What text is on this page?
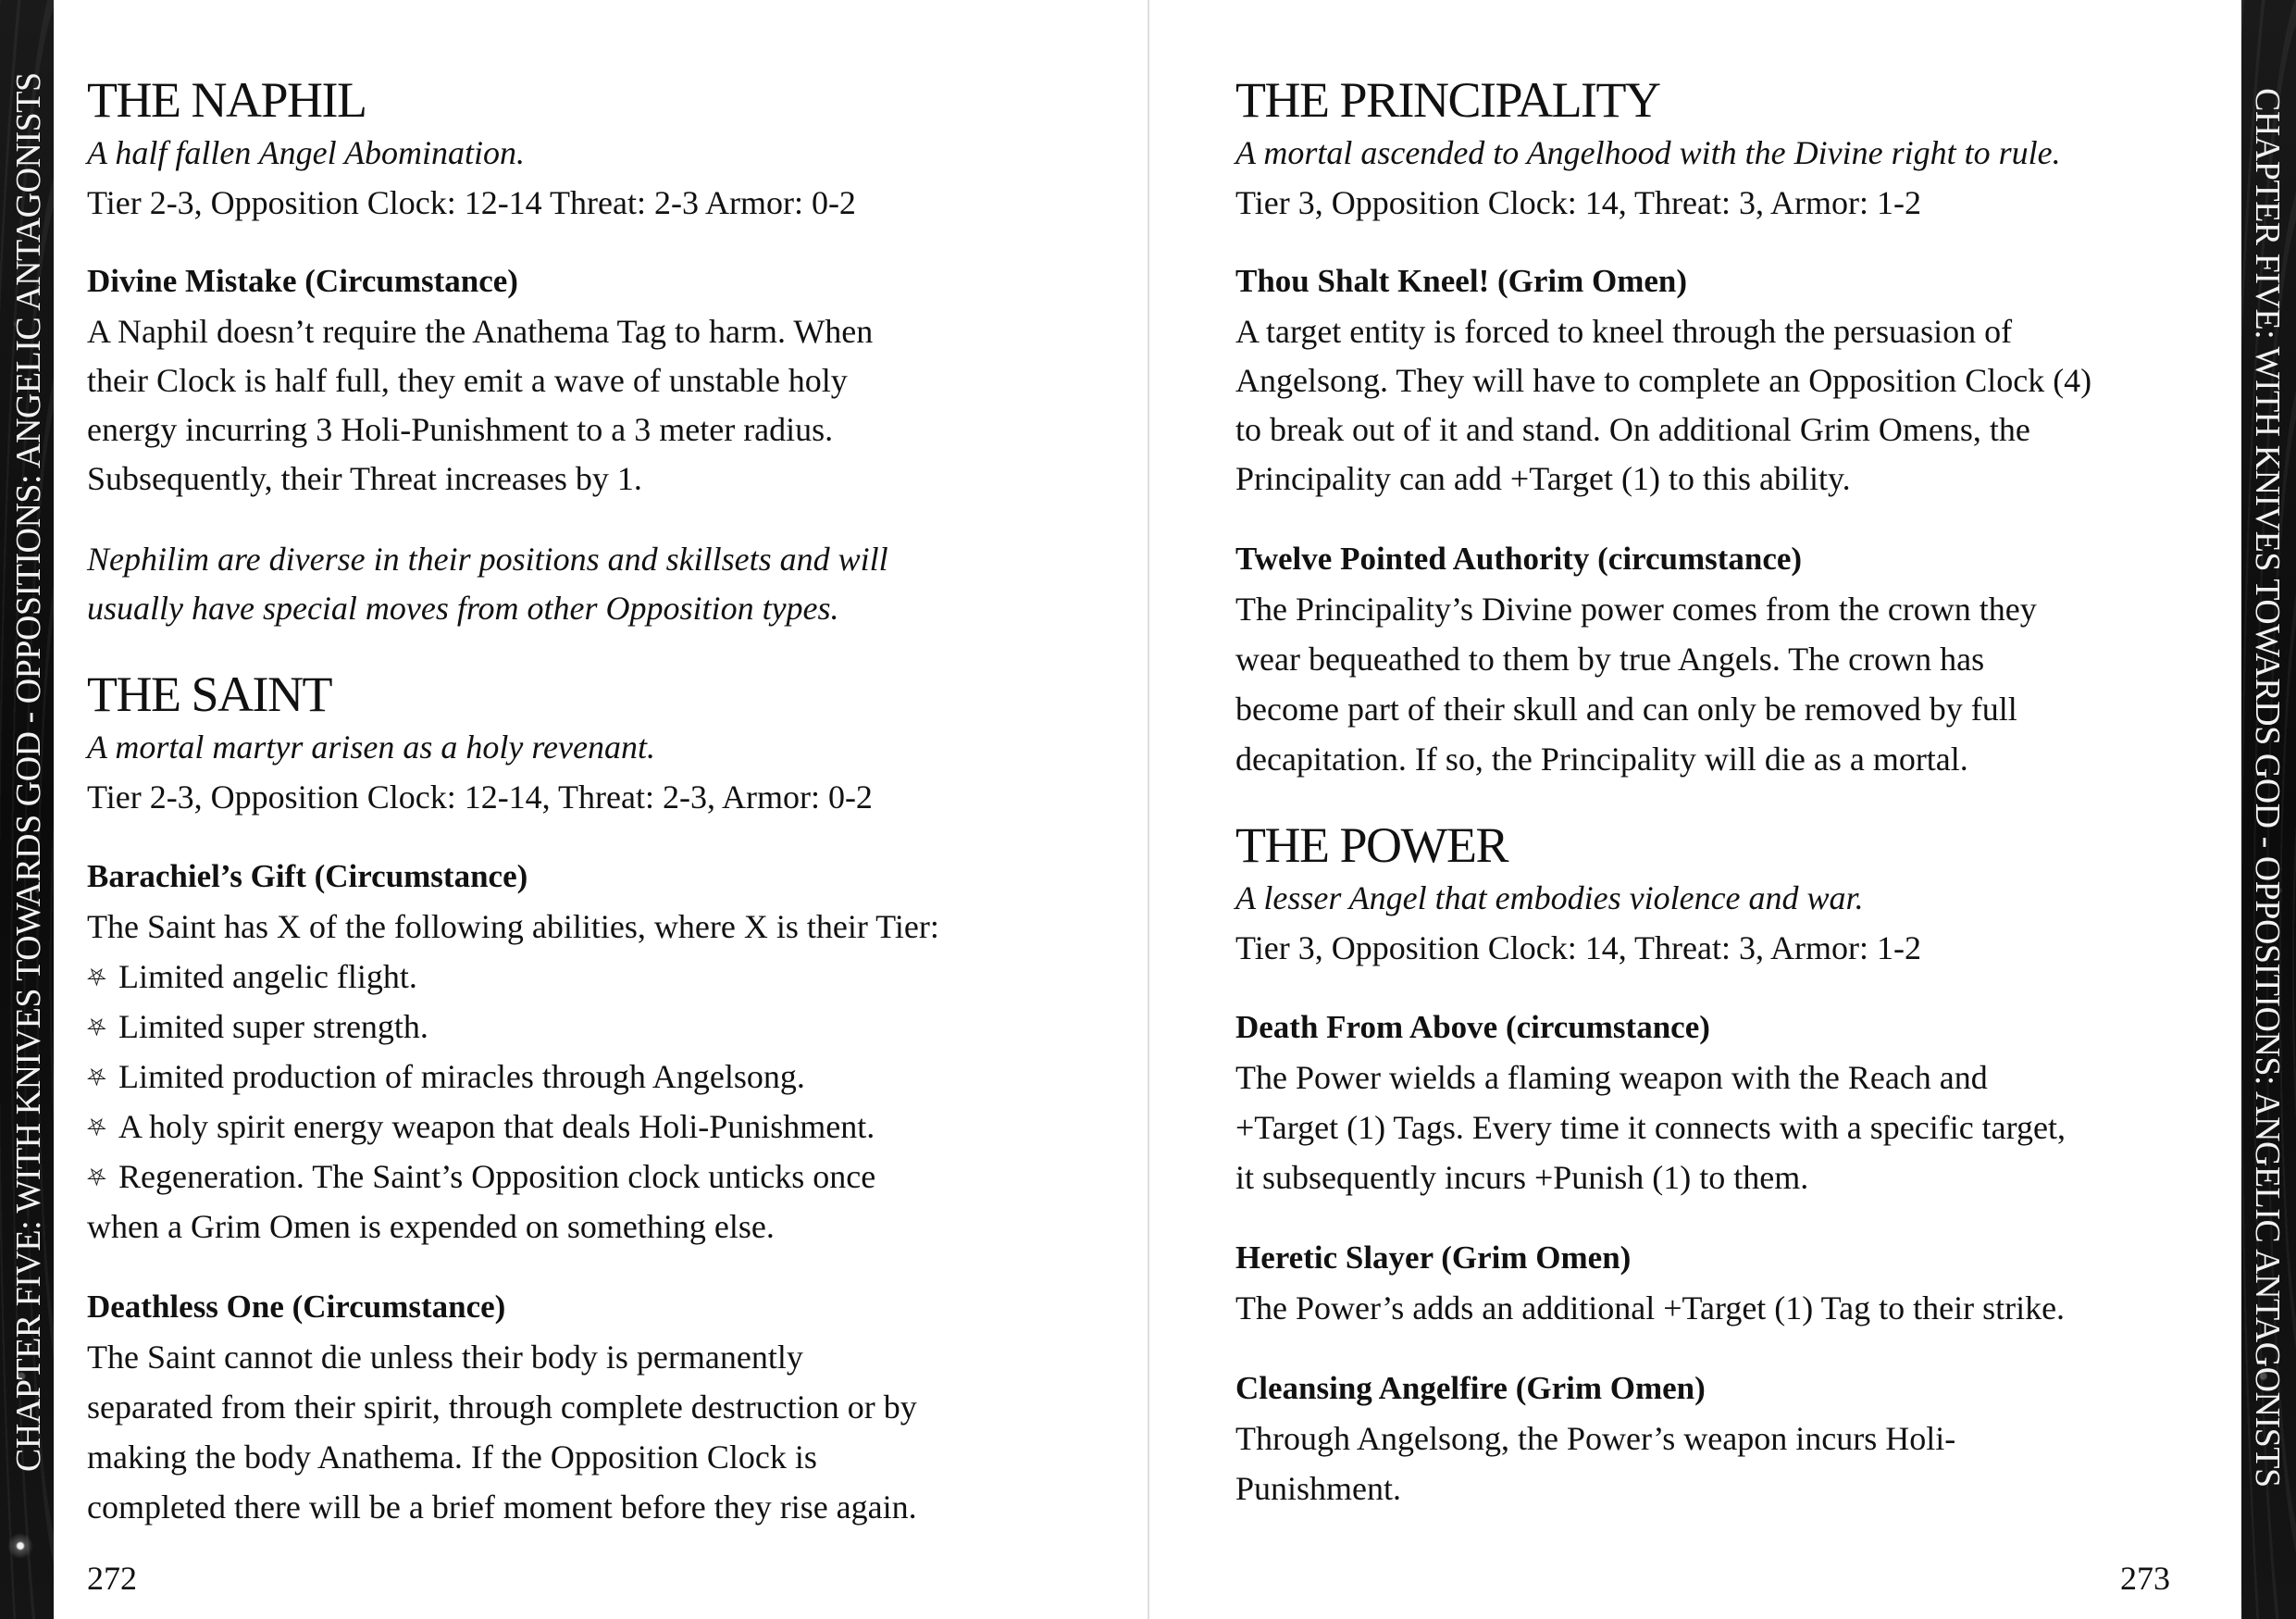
CHAPTER FIVE: WITH KNIVES TOWARDS GOD - OPPOSITIONS: ANGELIC ANTAGONISTS	CHAPTER FIVE: WITH KNIVES TOWARDS GOD - OPPOSITIONS: ANGELIC ANTAGONISTS
THE NAPHIL
A half fallen Angel Abomination.
Tier 2-3, Opposition Clock: 12-14 Threat: 2-3 Armor: 0-2
Divine Mistake (Circumstance)
A Naphil doesn’t require the Anathema Tag to harm. When
their Clock is half full, they emit a wave of unstable holy
energy incurring 3 Holi-Punishment to a 3 meter radius.
Subsequently, their Threat increases by 1.
Nephilim are diverse in their positions and skillsets and will
usually have special moves from other Opposition types.
THE SAINT
A mortal martyr arisen as a holy revenant.
Tier 2-3, Opposition Clock: 12-14, Threat: 2-3, Armor: 0-2
Barachiel’s Gift (Circumstance)
The Saint has X of the following abilities, where X is their Tier:
⛧ Limited angelic flight.
⛧ Limited super strength.
⛧ Limited production of miracles through Angelsong.
⛧ A holy spirit energy weapon that deals Holi-Punishment.
⛧ Regeneration. The Saint’s Opposition clock unticks once
when a Grim Omen is expended on something else.
Deathless One (Circumstance)
The Saint cannot die unless their body is permanently
separated from their spirit, through complete destruction or by
making the body Anathema. If the Opposition Clock is
completed there will be a brief moment before they rise again.
272
THE PRINCIPALITY
A mortal ascended to Angelhood with the Divine right to rule.
Tier 3, Opposition Clock: 14, Threat: 3, Armor: 1-2
Thou Shalt Kneel! (Grim Omen)
A target entity is forced to kneel through the persuasion of
Angelsong. They will have to complete an Opposition Clock (4)
to break out of it and stand. On additional Grim Omens, the
Principality can add +Target (1) to this ability.
Twelve Pointed Authority (circumstance)
The Principality’s Divine power comes from the crown they
wear bequeathed to them by true Angels. The crown has
become part of their skull and can only be removed by full
decapitation. If so, the Principality will die as a mortal.
THE POWER
A lesser Angel that embodies violence and war.
Tier 3, Opposition Clock: 14, Threat: 3, Armor: 1-2
Death From Above (circumstance)
The Power wields a flaming weapon with the Reach and
+Target (1) Tags. Every time it connects with a specific target,
it subsequently incurs +Punish (1) to them.
Heretic Slayer (Grim Omen)
The Power’s adds an additional +Target (1) Tag to their strike.
Cleansing Angelfire (Grim Omen)
Through Angelsong, the Power’s weapon incurs Holi-
Punishment.
273
